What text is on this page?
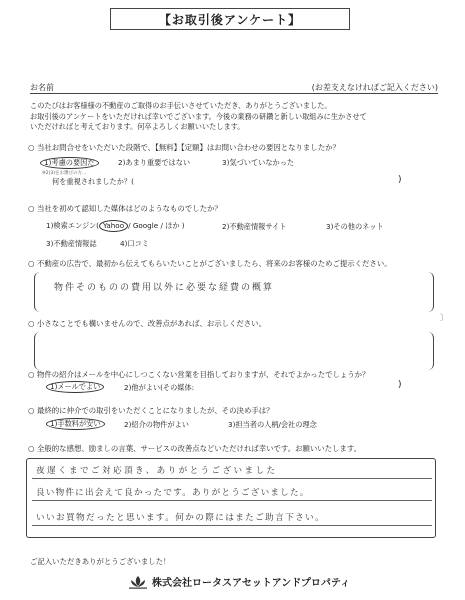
【お取引後アンケート】
お名前	(お差支えなければご記入ください)
このたびはお客様様の不動産のご取得のお手伝いさせていただき、ありがとうございました。
お取引後のアンケートをいただければ幸いでございます。今後の業務の研鑽と新しい取組みに生かさせて
いただければと考えております。何卒よろしくお願いいたします。
○ 当社お問合せをいただいた段階で、【無料】【定額】はお問い合わせの要因となりましたか？
1)考慮の要因だ	2)あまり重要ではない	3)気づいていなかった
※2)3)をお選びの方…
何を重視されましたか？(	)
○ 当社を初めて認知した媒体はどのようなものでしたか？
1)検索エンジン( Yahoo / Google / ほか )	2)不動産情報サイト	3)その他のネット
3)不動産情報誌	4)口コミ
○ 不動産の広告で、最初から伝えてもらいたいことがございましたら、将来のお客様のためご提示ください。
物件そのものの費用以外に必要な経費の概算
〕
○ 小さなことでも構いませんので、改善点があれば、お示しください。
○ 物件の紹介はメールを中心にしつこくない営業を目指しておりますが、それでよかったでしょうか？
1)メールでよい	2)他がよい(その媒体:	)
○ 最終的に仲介での取引をいただくことになりましたが、その決め手は？
1)手数料が安い	2)紹介の物件がよい	3)担当者の人柄/会社の理念
○ 全般的な感想、励ましの言葉、サービスの改善点などいただければ幸いです。お願いいたします。
夜遅くまでご対応頂き、ありがとうございました
良い物件に出会えて良かったです。ありがとうございました。
いいお買物だったと思います。何かの際にはまたご助言下さい。
ご記入いただきありがとうございました！
株式会社ロータスアセットアンドプロパティ
